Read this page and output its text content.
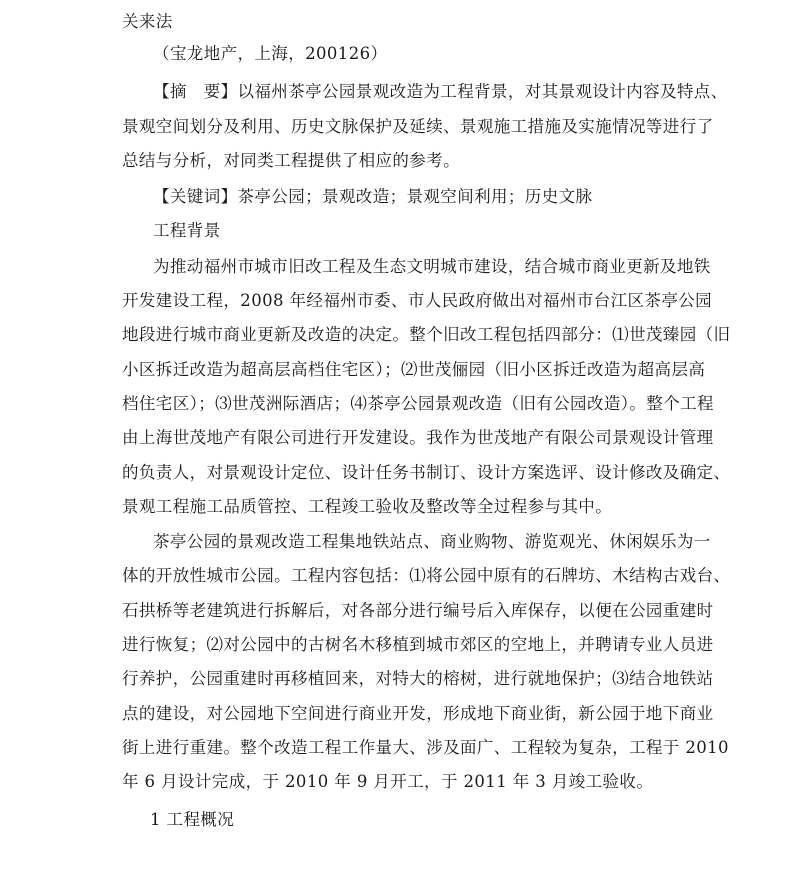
关来法
（宝龙地产，上海，200126）
【摘　要】以福州茶亭公园景观改造为工程背景，对其景观设计内容及特点、
景观空间划分及利用、历史文脉保护及延续、景观施工措施及实施情况等进行了
总结与分析，对同类工程提供了相应的参考。
【关键词】茶亭公园；景观改造；景观空间利用；历史文脉
工程背景
为推动福州市城市旧改工程及生态文明城市建设，结合城市商业更新及地铁
开发建设工程，2008 年经福州市委、市人民政府做出对福州市台江区茶亭公园
地段进行城市商业更新及改造的决定。整个旧改工程包括四部分：⑴世茂臻园（旧
小区拆迁改造为超高层高档住宅区）；⑵世茂俪园（旧小区拆迁改造为超高层高
档住宅区）；⑶世茂洲际酒店；⑷茶亭公园景观改造（旧有公园改造）。整个工程
由上海世茂地产有限公司进行开发建设。我作为世茂地产有限公司景观设计管理
的负责人，对景观设计定位、设计任务书制订、设计方案选评、设计修改及确定、
景观工程施工品质管控、工程竣工验收及整改等全过程参与其中。
茶亭公园的景观改造工程集地铁站点、商业购物、游览观光、休闲娱乐为一
体的开放性城市公园。工程内容包括：⑴将公园中原有的石牌坊、木结构古戏台、
石拱桥等老建筑进行拆解后，对各部分进行编号后入库保存，以便在公园重建时
进行恢复；⑵对公园中的古树名木移植到城市郊区的空地上，并聘请专业人员进
行养护，公园重建时再移植回来，对特大的榕树，进行就地保护；⑶结合地铁站
点的建设，对公园地下空间进行商业开发，形成地下商业街，新公园于地下商业
街上进行重建。整个改造工程工作量大、涉及面广、工程较为复杂，工程于 2010
年 6 月设计完成，于 2010 年 9 月开工，于 2011 年 3 月竣工验收。
1 工程概况
